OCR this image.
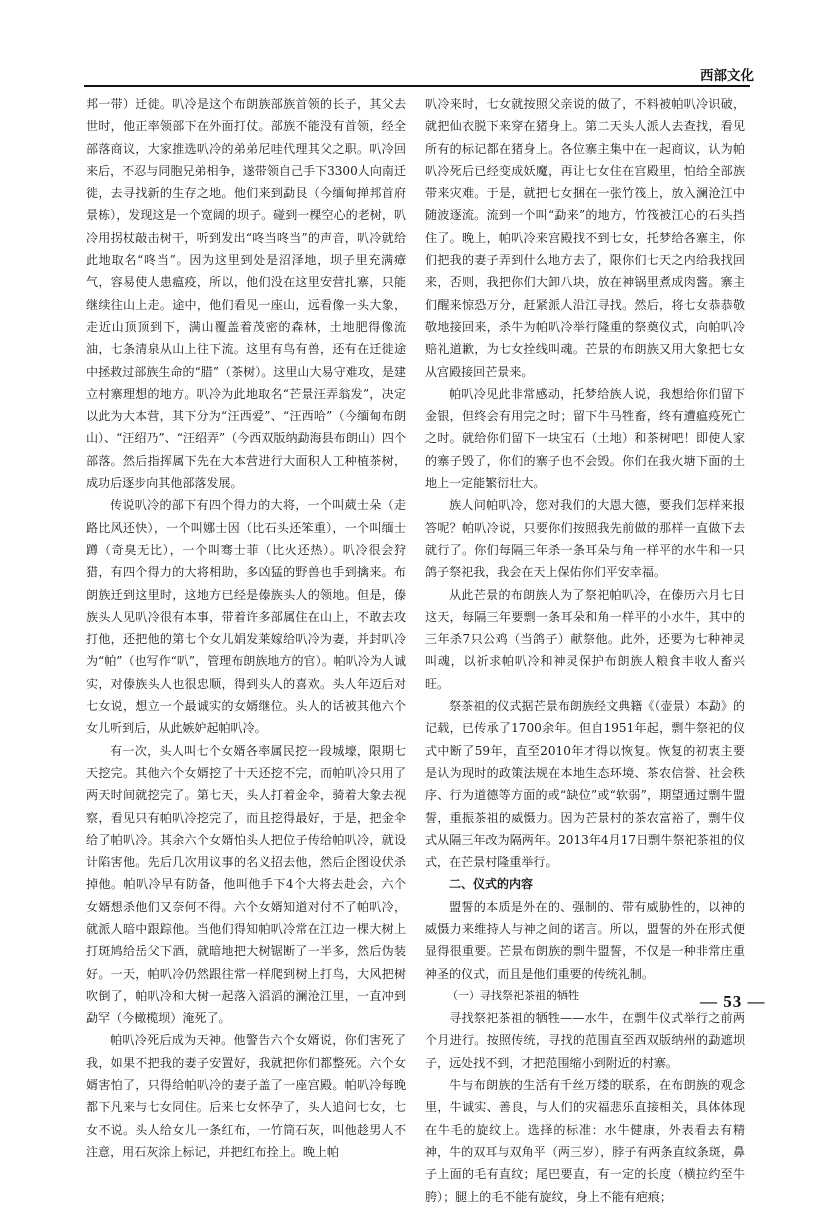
西部文化

邦一带）迁徙。叭冷是这个布朗族部族首领的长子，其父去世时，他正率领部下在外面打仗。部族不能没有首领，经全部落商议，大家推选叭冷的弟弟尼哇代理其父之职。叭冷回来后，不忍与同胞兄弟相争，遂带领自己手下3300人向南迁徙，去寻找新的生存之地。他们来到勐艮（今缅甸掸邦首府景栋），发现这是一个宽阔的坝子。碰到一棵空心的老树，叭冷用拐杖敲击树干，听到发出“咚当咚当”的声音，叭冷就给此地取名“咚当”。因为这里到处是沼泽地，坝子里充满瘴气，容易使人患瘟疫，所以，他们没在这里安营扎寨，只能继续往山上走。途中，他们看见一座山，远看像一头大象，走近山顶顶到下，满山覆盖着茂密的森林，土地肥得像流油，七条清泉从山上往下流。这里有鸟有兽，还有在迁徙途中拯救过部族生命的“腊”（茶树）。这里山大易守难攻，是建立村寨理想的地方。叭冷为此地取名“芒景汪弄翁发”，决定以此为大本营，其下分为“汪西爱”、“汪西哈”（今缅甸布朗山）、“汪绍乃”、“汪绍弄”（今西双版纳勐海县布朗山）四个部落。然后指挥属下先在大本营进行大面积人工种植茶树，成功后逐步向其他部落发展。

传说叭冷的部下有四个得力的大将，一个叫葳士朵（走路比风还快），一个叫娜士因（比石头还笨重），一个叫缅士蹲（奇臭无比），一个叫骞士菲（比火还热）。叭冷很会狩猎，有四个得力的大将相助，多凶猛的野兽也手到擒来。布朗族迁到这里时，这地方已经是傣族头人的领地。但是，傣族头人见叭冷很有本事，带着许多部属住在山上，不敢去攻打他，还把他的第七个女儿娟发莱嫁给叭冷为妻，并封叭冷为“帕”（也写作“叭”，管理布朗族地方的官）。帕叭冷为人诚实，对傣族头人也很忠顺，得到头人的喜欢。头人年迈后对七女说，想立一个最诚实的女婿继位。头人的话被其他六个女儿听到后，从此嫉妒起帕叭冷。

有一次，头人叫七个女婿各率属民挖一段城壕，限期七天挖完。其他六个女婿挖了十天还挖不完，而帕叭冷只用了两天时间就挖完了。第七天，头人打着金伞，骑着大象去视察，看见只有帕叭冷挖完了，而且挖得最好，于是，把金伞给了帕叭冷。其余六个女婿怕头人把位子传给帕叭冷，就设计陷害他。先后几次用议事的名义招去他，然后企图设伏杀掉他。帕叭冷早有防备，他叫他手下4个大将去赴会，六个女婿想杀他们又奈何不得。六个女婿知道对付不了帕叭冷，就派人暗中跟踪他。当他们得知帕叭冷常在江边一棵大树上打斑鸠给岳父下酒，就暗地把大树锯断了一半多，然后伪装好。一天，帕叭冷仍然跟往常一样爬到树上打鸟，大风把树吹倒了，帕叭冷和大树一起落入滔滔的澜沧江里，一直冲到勐罕（今橄榄坝）淹死了。

帕叭冷死后成为天神。他警告六个女婿说，你们害死了我，如果不把我的妻子安置好，我就把你们都整死。六个女婿害怕了，只得给帕叭冷的妻子盖了一座宫殿。帕叭冷每晚都下凡来与七女同住。后来七女怀孕了，头人追问七女，七女不说。头人给女儿一条红布，一竹筒石灰，叫他趁男人不注意，用石灰涂上标记，并把红布拴上。晚上帕

叭冷来时，七女就按照父亲说的做了，不料被帕叭冷识破，就把仙衣脱下来穿在猪身上。第二天头人派人去查找，看见所有的标记都在猪身上。各位寨主集中在一起商议，认为帕叭冷死后已经变成妖魔，再让七女住在宫殿里，怕给全部族带来灾难。于是，就把七女捆在一张竹筏上，放入澜沧江中随波逐流。流到一个叫“勐来”的地方，竹筏被江心的石头挡住了。晚上，帕叭冷来宫殿找不到七女，托梦给各寨主，你们把我的妻子弄到什么地方去了，限你们七天之内给我找回来，否则，我把你们大卸八块，放在神锅里煮成肉酱。寨主们醒来惊恐万分，赶紧派人沿江寻找。然后，将七女恭恭敬敬地接回来，杀牛为帕叭冷举行隆重的祭奠仪式，向帕叭冷赔礼道歉，为七女拴线叫魂。芒景的布朗族又用大象把七女从宫殿接回芒景来。

帕叭冷见此非常感动，托梦给族人说，我想给你们留下金银，但终会有用完之时；留下牛马牲畜，终有遭瘟疫死亡之时。就给你们留下一块宝石（土地）和茶树吧！即使人家的寨子毁了，你们的寨子也不会毁。你们在我火塘下面的土地上一定能繁衍壮大。

族人问帕叭冷，您对我们的大恩大德，要我们怎样来报答呢？帕叭冷说，只要你们按照我先前做的那样一直做下去就行了。你们每隔三年杀一条耳朵与角一样平的水牛和一只鸽子祭祀我，我会在天上保佑你们平安幸福。

从此芒景的布朗族人为了祭祀帕叭冷，在傣历六月七日这天，每隔三年要剽一条耳朵和角一样平的小水牛，其中的三年杀7只公鸡（当鸽子）献祭他。此外，还要为七种神灵叫魂，以祈求帕叭冷和神灵保护布朗族人粮食丰收人畜兴旺。

祭茶祖的仪式据芒景布朗族经文典籍《（壶景）本勐》的记载，已传承了1700余年。但自1951年起，剽牛祭祀的仪式中断了59年，直至2010年才得以恢复。恢复的初衷主要是认为现时的政策法规在本地生态环境、茶农信誉、社会秩序、行为道德等方面的或“缺位”或“软弱”，期望通过剽牛盟誓，重振茶祖的威慑力。因为芒景村的茶农富裕了，剽牛仪式从隔三年改为隔两年。2013年4月17日剽牛祭祀茶祖的仪式，在芒景村隆重举行。

二、仪式的内容

盟誓的本质是外在的、强制的、带有威胁性的，以神的威慑力来维持人与神之间的诺言。所以，盟誓的外在形式便显得很重要。芒景布朗族的剽牛盟誓，不仅是一种非常庄重神圣的仪式，而且是他们重要的传统礼制。

（一）寻找祭祀茶祖的牺牲

寻找祭祀茶祖的牺牲——水牛，在剽牛仪式举行之前两个月进行。按照传统，寻找的范围直至西双版纳州的勐遮坝子，远处找不到，才把范围缩小到附近的村寨。

牛与布朗族的生活有千丝万缕的联系，在布朗族的观念里，牛诚实、善良，与人们的灾福悲乐直接相关，具体体现在牛毛的旋纹上。选择的标准：水牛健康，外表看去有精神，牛的双耳与双角平（两三岁），脖子有两条直纹条斑，鼻子上面的毛有直纹；尾巴要直，有一定的长度（横拉约至牛胯）；腿上的毛不能有旋纹，身上不能有疤痕；

— 53 —
